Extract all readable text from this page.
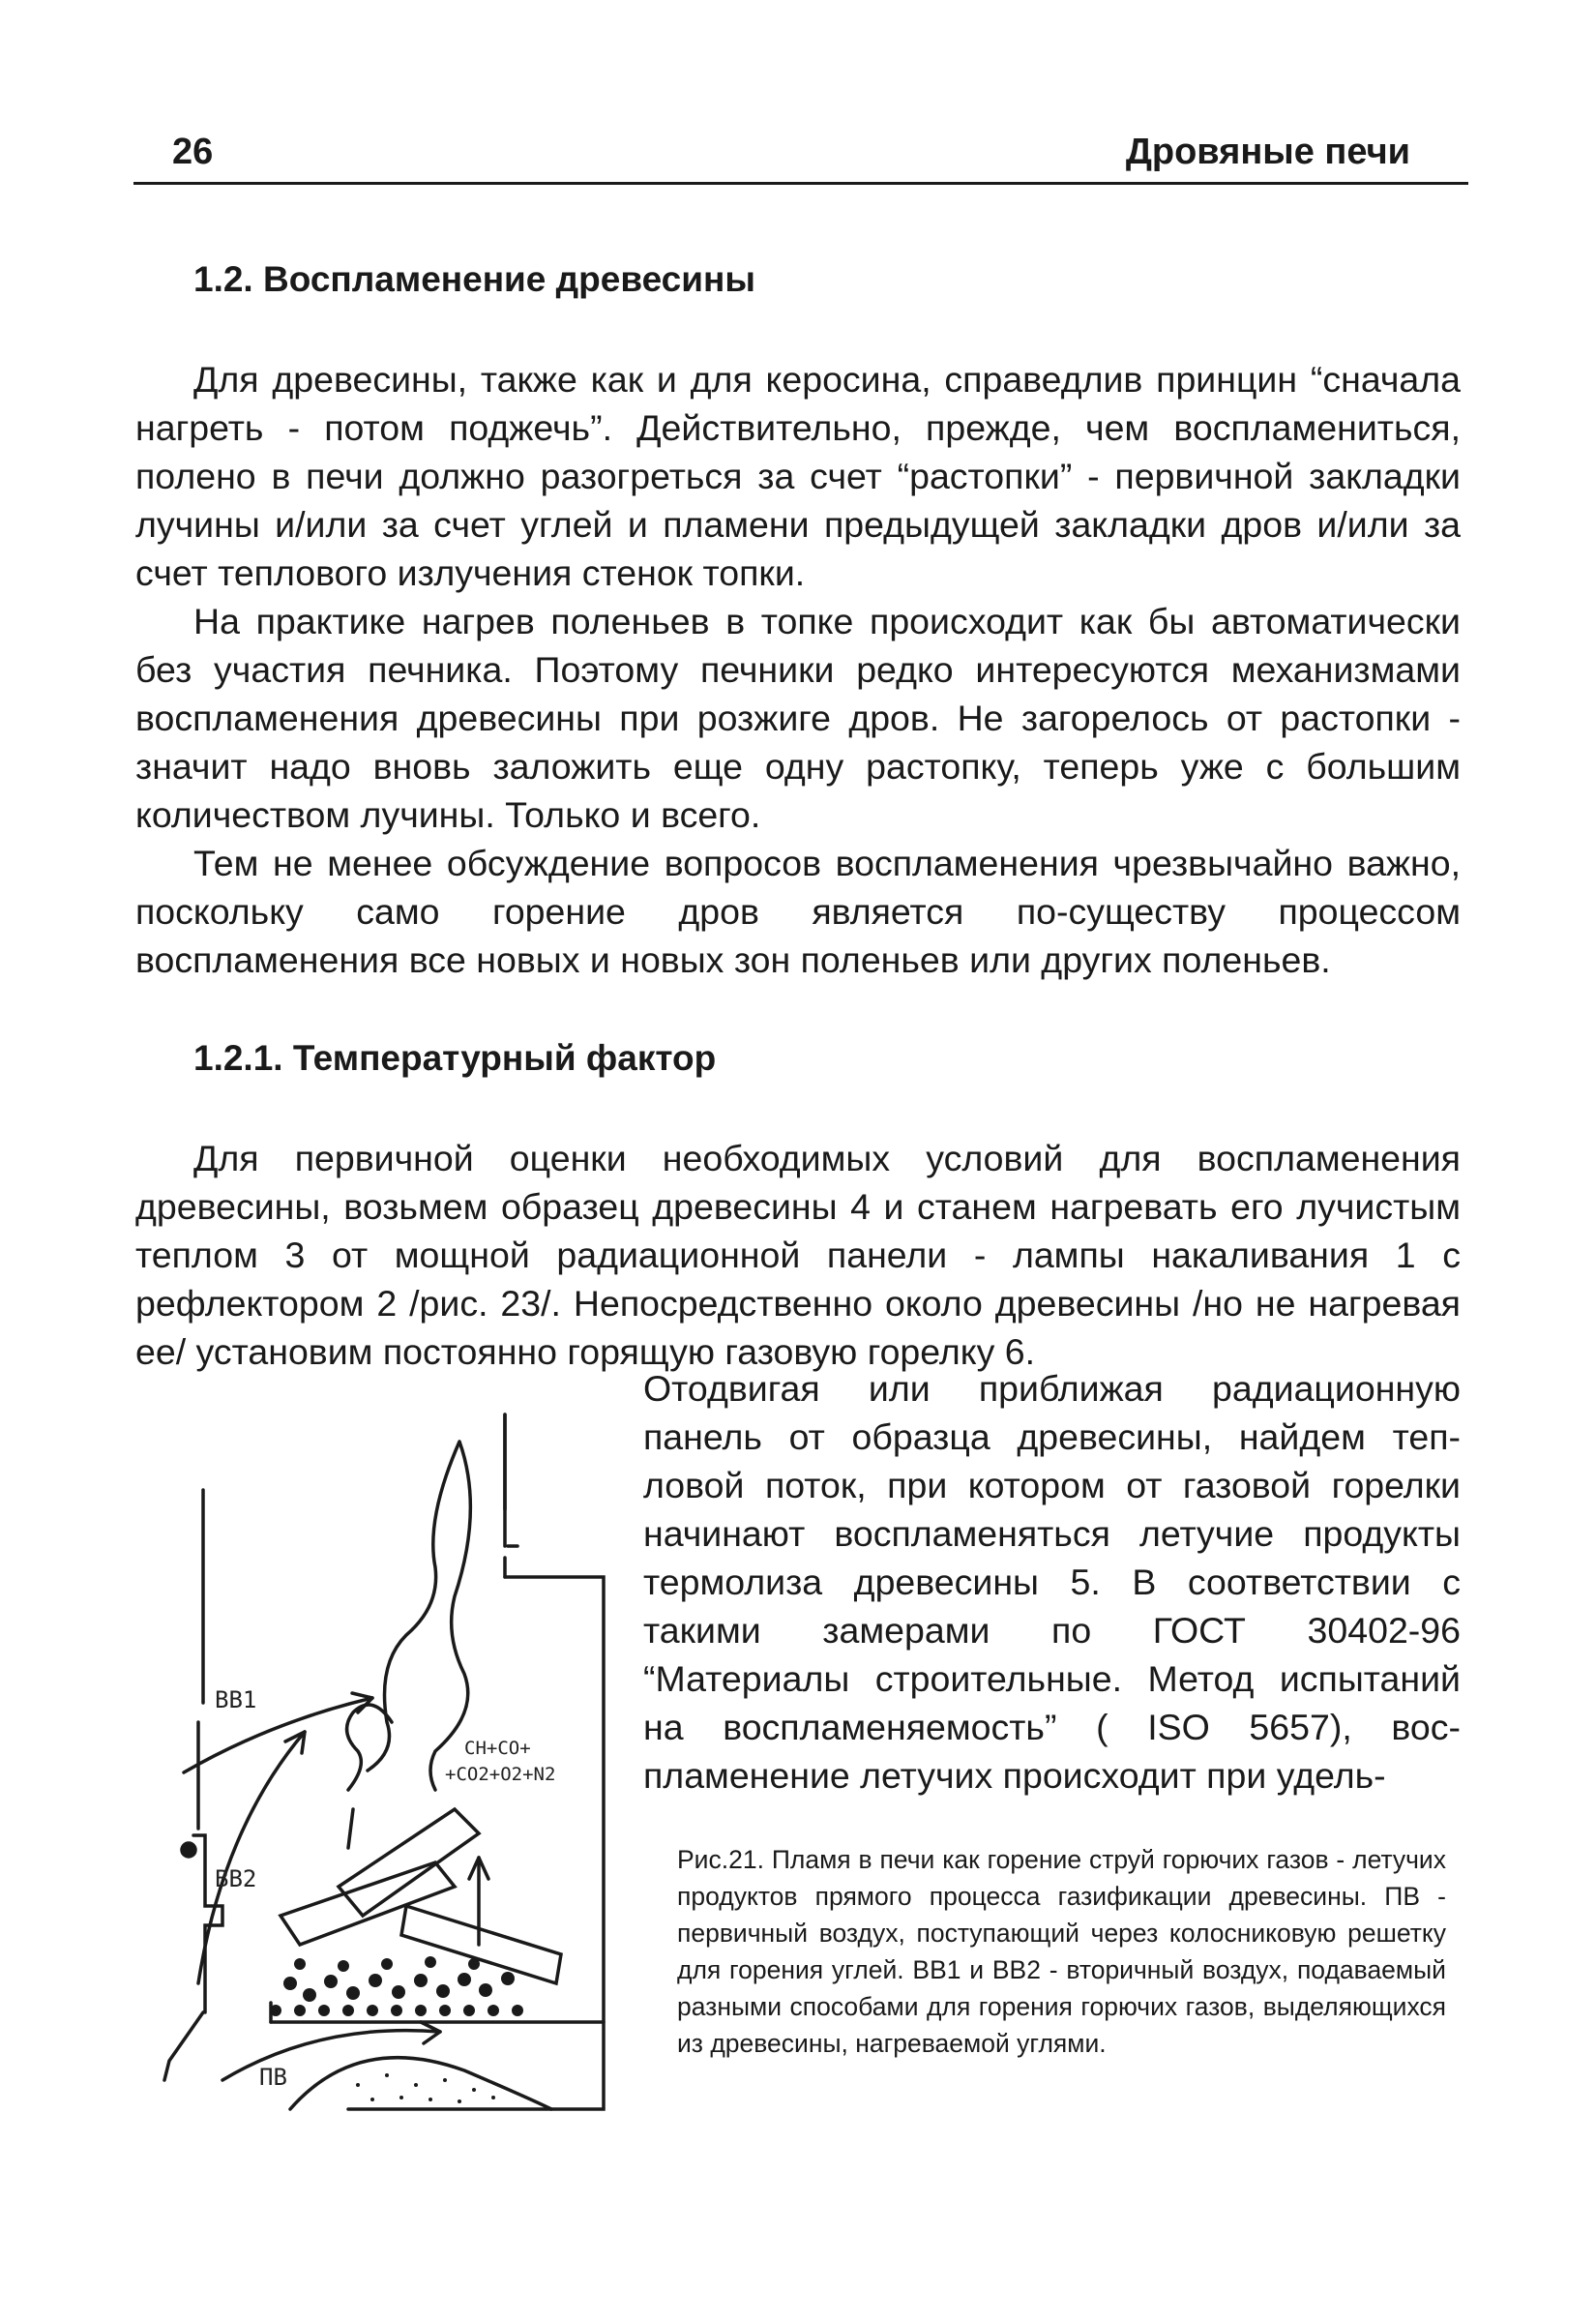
26	Дровяные печи
1.2. Воспламенение древесины

Для древесины, также как и для керосина, справедлив принцин “сначала нагреть - потом поджечь”. Действительно, прежде, чем воспламениться, полено в печи должно разогреться за счет “растопки” - первичной закладки лучины и/или за счет углей и пламени предыдущей закладки дров и/или за счет теплового излучения стенок топки.

На практике нагрев поленьев в топке происходит как бы автоматически без участия печника. Поэтому печники редко интересуются механизмами воспламенения древесины при розжиге дров. Не загорелось от растопки - значит надо вновь заложить еще одну растопку, теперь уже с большим количеством лучины. Только и всего.

Тем не менее обсуждение вопросов воспламенения чрезвычайно важно, поскольку само горение дров является по-существу процессом воспламенения все новых и новых зон поленьев или других поленьев.

1.2.1. Температурный фактор

Для первичной оценки необходимых условий для воспламенения древесины, возьмем образец древесины 4 и станем нагревать его лучистым теплом 3 от мощной радиационной панели - лампы накаливания 1 с рефлектором 2 /рис. 23/. Непосредственно около древесины /но не нагревая ее/ установим постоянно горящую газовую горелку 6.

Отодвигая или приближая радиационную панель от образца древесины, найдем тепловой поток, при котором от газовой горелки начинают воспламеняться летучие продукты термолиза древесины 5. В соответствии с такими замерами по ГОСТ 30402-96 “Материалы строительные. Метод испытаний на воспламеняемость” ( ISO 5657), воспламенение летучих происходит при удель-
ВВ1
ВВ2
ПВ
CH+CO+
+CO2+O2+N2
Рис.21. Пламя в печи как горение струй горючих газов - летучих продуктов прямого процесса газификации древесины. ПВ - первичный воздух, поступающий через колосниковую решетку для горения углей. ВВ1 и ВВ2 - вторичный воздух, подаваемый разными способами для горения горючих газов, выделяющихся из древесины, нагреваемой углями.
